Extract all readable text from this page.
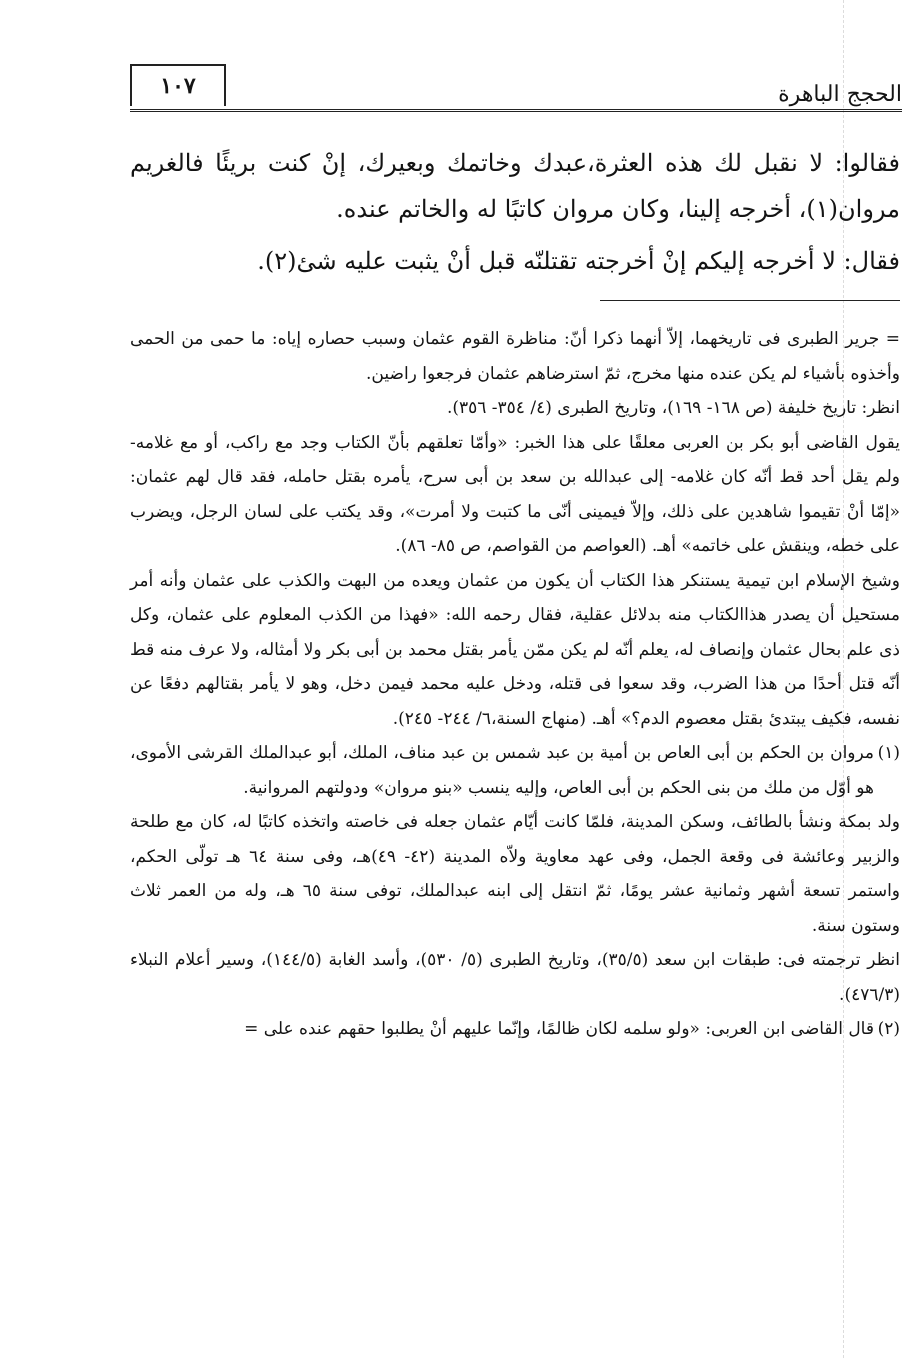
١٠٧	الحجج الباهرة

فقالوا: لا نقبل لك هذه العثرة،عبدك وخاتمك وبعيرك، إنْ كنت بريئًا فالغريم مروان(١)، أخرجه إلينا، وكان مروان كاتبًا له والخاتم عنده.

فقال: لا أخرجه إليكم إنْ أخرجته تقتلنّه قبل أنْ يثبت عليه شئ(٢).

= جرير الطبرى فى تاريخهما، إلاّ أنهما ذكرا أنّ: مناظرة القوم عثمان وسبب حصاره إياه: ما حمى من الحمى وأخذوه بأشياء لم يكن عنده منها مخرج، ثمّ استرضاهم عثمان فرجعوا راضين.

انظر: تاريخ خليفة (ص ١٦٨- ١٦٩)، وتاريخ الطبرى (٤/ ٣٥٤- ٣٥٦).

يقول القاضى أبو بكر بن العربى معلقًا على هذا الخبر: «وأمّا تعلقهم بأنّ الكتاب وجد مع راكب، أو مع غلامه- ولم يقل أحد قط أنّه كان غلامه- إلى عبدالله بن سعد بن أبى سرح، يأمره بقتل حامله، فقد قال لهم عثمان: «إمّا أنْ تقيموا شاهدين على ذلك، وإلاّ فيمينى أنّى ما كتبت ولا أمرت»، وقد يكتب على لسان الرجل، ويضرب على خطه، وينقش على خاتمه» أهـ. (العواصم من القواصم، ص ٨٥- ٨٦).

وشيخ الإسلام ابن تيمية يستنكر هذا الكتاب أن يكون من عثمان ويعده من البهت والكذب على عثمان وأنه أمر مستحيل أن يصدر هذاالكتاب منه بدلائل عقلية، فقال رحمه الله: «فهذا من الكذب المعلوم على عثمان، وكل ذى علم بحال عثمان وإنصاف له، يعلم أنّه لم يكن ممّن يأمر بقتل محمد بن أبى بكر ولا أمثاله، ولا عرف منه قط أنّه قتل أحدًا من هذا الضرب، وقد سعوا فى قتله، ودخل عليه محمد فيمن دخل، وهو لا يأمر بقتالهم دفعًا عن نفسه، فكيف يبتدئ بقتل معصوم الدم؟» أهـ. (منهاج السنة،٦/ ٢٤٤- ٢٤٥).

(١)مروان بن الحكم بن أبى العاص بن أمية بن عبد شمس بن عبد مناف، الملك، أبو عبدالملك القرشى الأموى، هو أوّل من ملك من بنى الحكم بن أبى العاص، وإليه ينسب «بنو مروان» ودولتهم المروانية.

ولد بمكة ونشأ بالطائف، وسكن المدينة، فلمّا كانت أيّام عثمان جعله فى خاصته واتخذه كاتبًا له، كان مع طلحة والزبير وعائشة فى وقعة الجمل، وفى عهد معاوية ولاّه المدينة (٤٢- ٤٩)هـ، وفى سنة ٦٤ هـ تولّى الحكم، واستمر تسعة أشهر وثمانية عشر يومًا، ثمّ انتقل إلى ابنه عبدالملك، توفى سنة ٦٥ هـ، وله من العمر ثلاث وستون سنة.

انظر ترجمته فى: طبقات ابن سعد (٣٥/٥)، وتاريخ الطبرى (٥/ ٥٣٠)، وأسد الغابة (١٤٤/٥)، وسير أعلام النبلاء (٤٧٦/٣).

(٢)قال القاضى ابن العربى: «ولو سلمه لكان ظالمًا، وإنّما عليهم أنْ يطلبوا حقهم عنده على =
